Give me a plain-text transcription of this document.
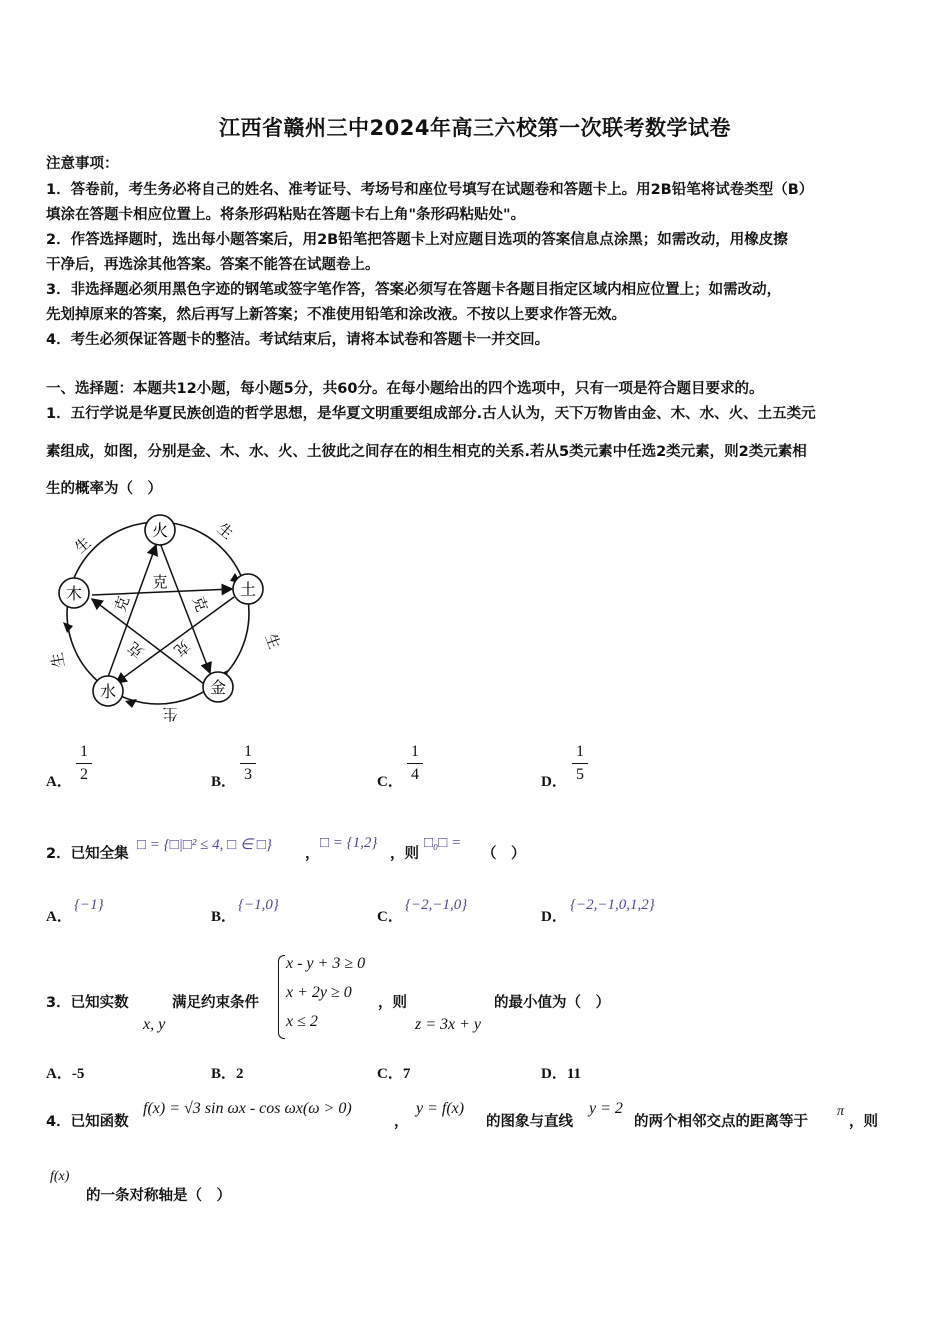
江西省赣州三中2024年高三六校第一次联考数学试卷
注意事项：
1．答卷前，考生务必将自己的姓名、准考证号、考场号和座位号填写在试题卷和答题卡上。用2B铅笔将试卷类型（B）
填涂在答题卡相应位置上。将条形码粘贴在答题卡右上角"条形码粘贴处"。
2．作答选择题时，选出每小题答案后，用2B铅笔把答题卡上对应题目选项的答案信息点涂黑；如需改动，用橡皮擦
干净后，再选涂其他答案。答案不能答在试题卷上。
3．非选择题必须用黑色字迹的钢笔或签字笔作答，答案必须写在答题卡各题目指定区域内相应位置上；如需改动，
先划掉原来的答案，然后再写上新答案；不准使用铅笔和涂改液。不按以上要求作答无效。
4．考生必须保证答题卡的整洁。考试结束后，请将本试卷和答题卡一并交回。
一、选择题：本题共12小题，每小题5分，共60分。在每小题给出的四个选项中，只有一项是符合题目要求的。
1．五行学说是华夏民族创造的哲学思想，是华夏文明重要组成部分.古人认为，天下万物皆由金、木、水、火、土五类元
素组成，如图，分别是金、木、水、火、土彼此之间存在的相生相克的关系.若从5类元素中任选2类元素，则2类元素相
生的概率为（　）
火
土
金
水
木
生
生
生
生
生
克
克	克
克 克
A．
1
2	B．
1
3	C．
1
4	D．
1
5
2．已知全集
□ = {□|□² ≤ 4, □ ∈ □}
，
□ = {1,2}
，则
□₀□ =
（　）
A．
{−1}
B．
{−1,0}
C．
{−2,−1,0}
D．
{−2,−1,0,1,2}
3．已知实数
x, y
满足约束条件
x - y + 3 ≥ 0
x + 2y ≥ 0
x ≤ 2
，则
z = 3x + y
的最小值为（　）
A．-5	B．2	C．7	D．11
4．已知函数
f(x) = √3 sin ωx - cos ωx(ω > 0)
，
y = f(x)
的图象与直线
y = 2
的两个相邻交点的距离等于
π
，则
f(x)
的一条对称轴是（　）
